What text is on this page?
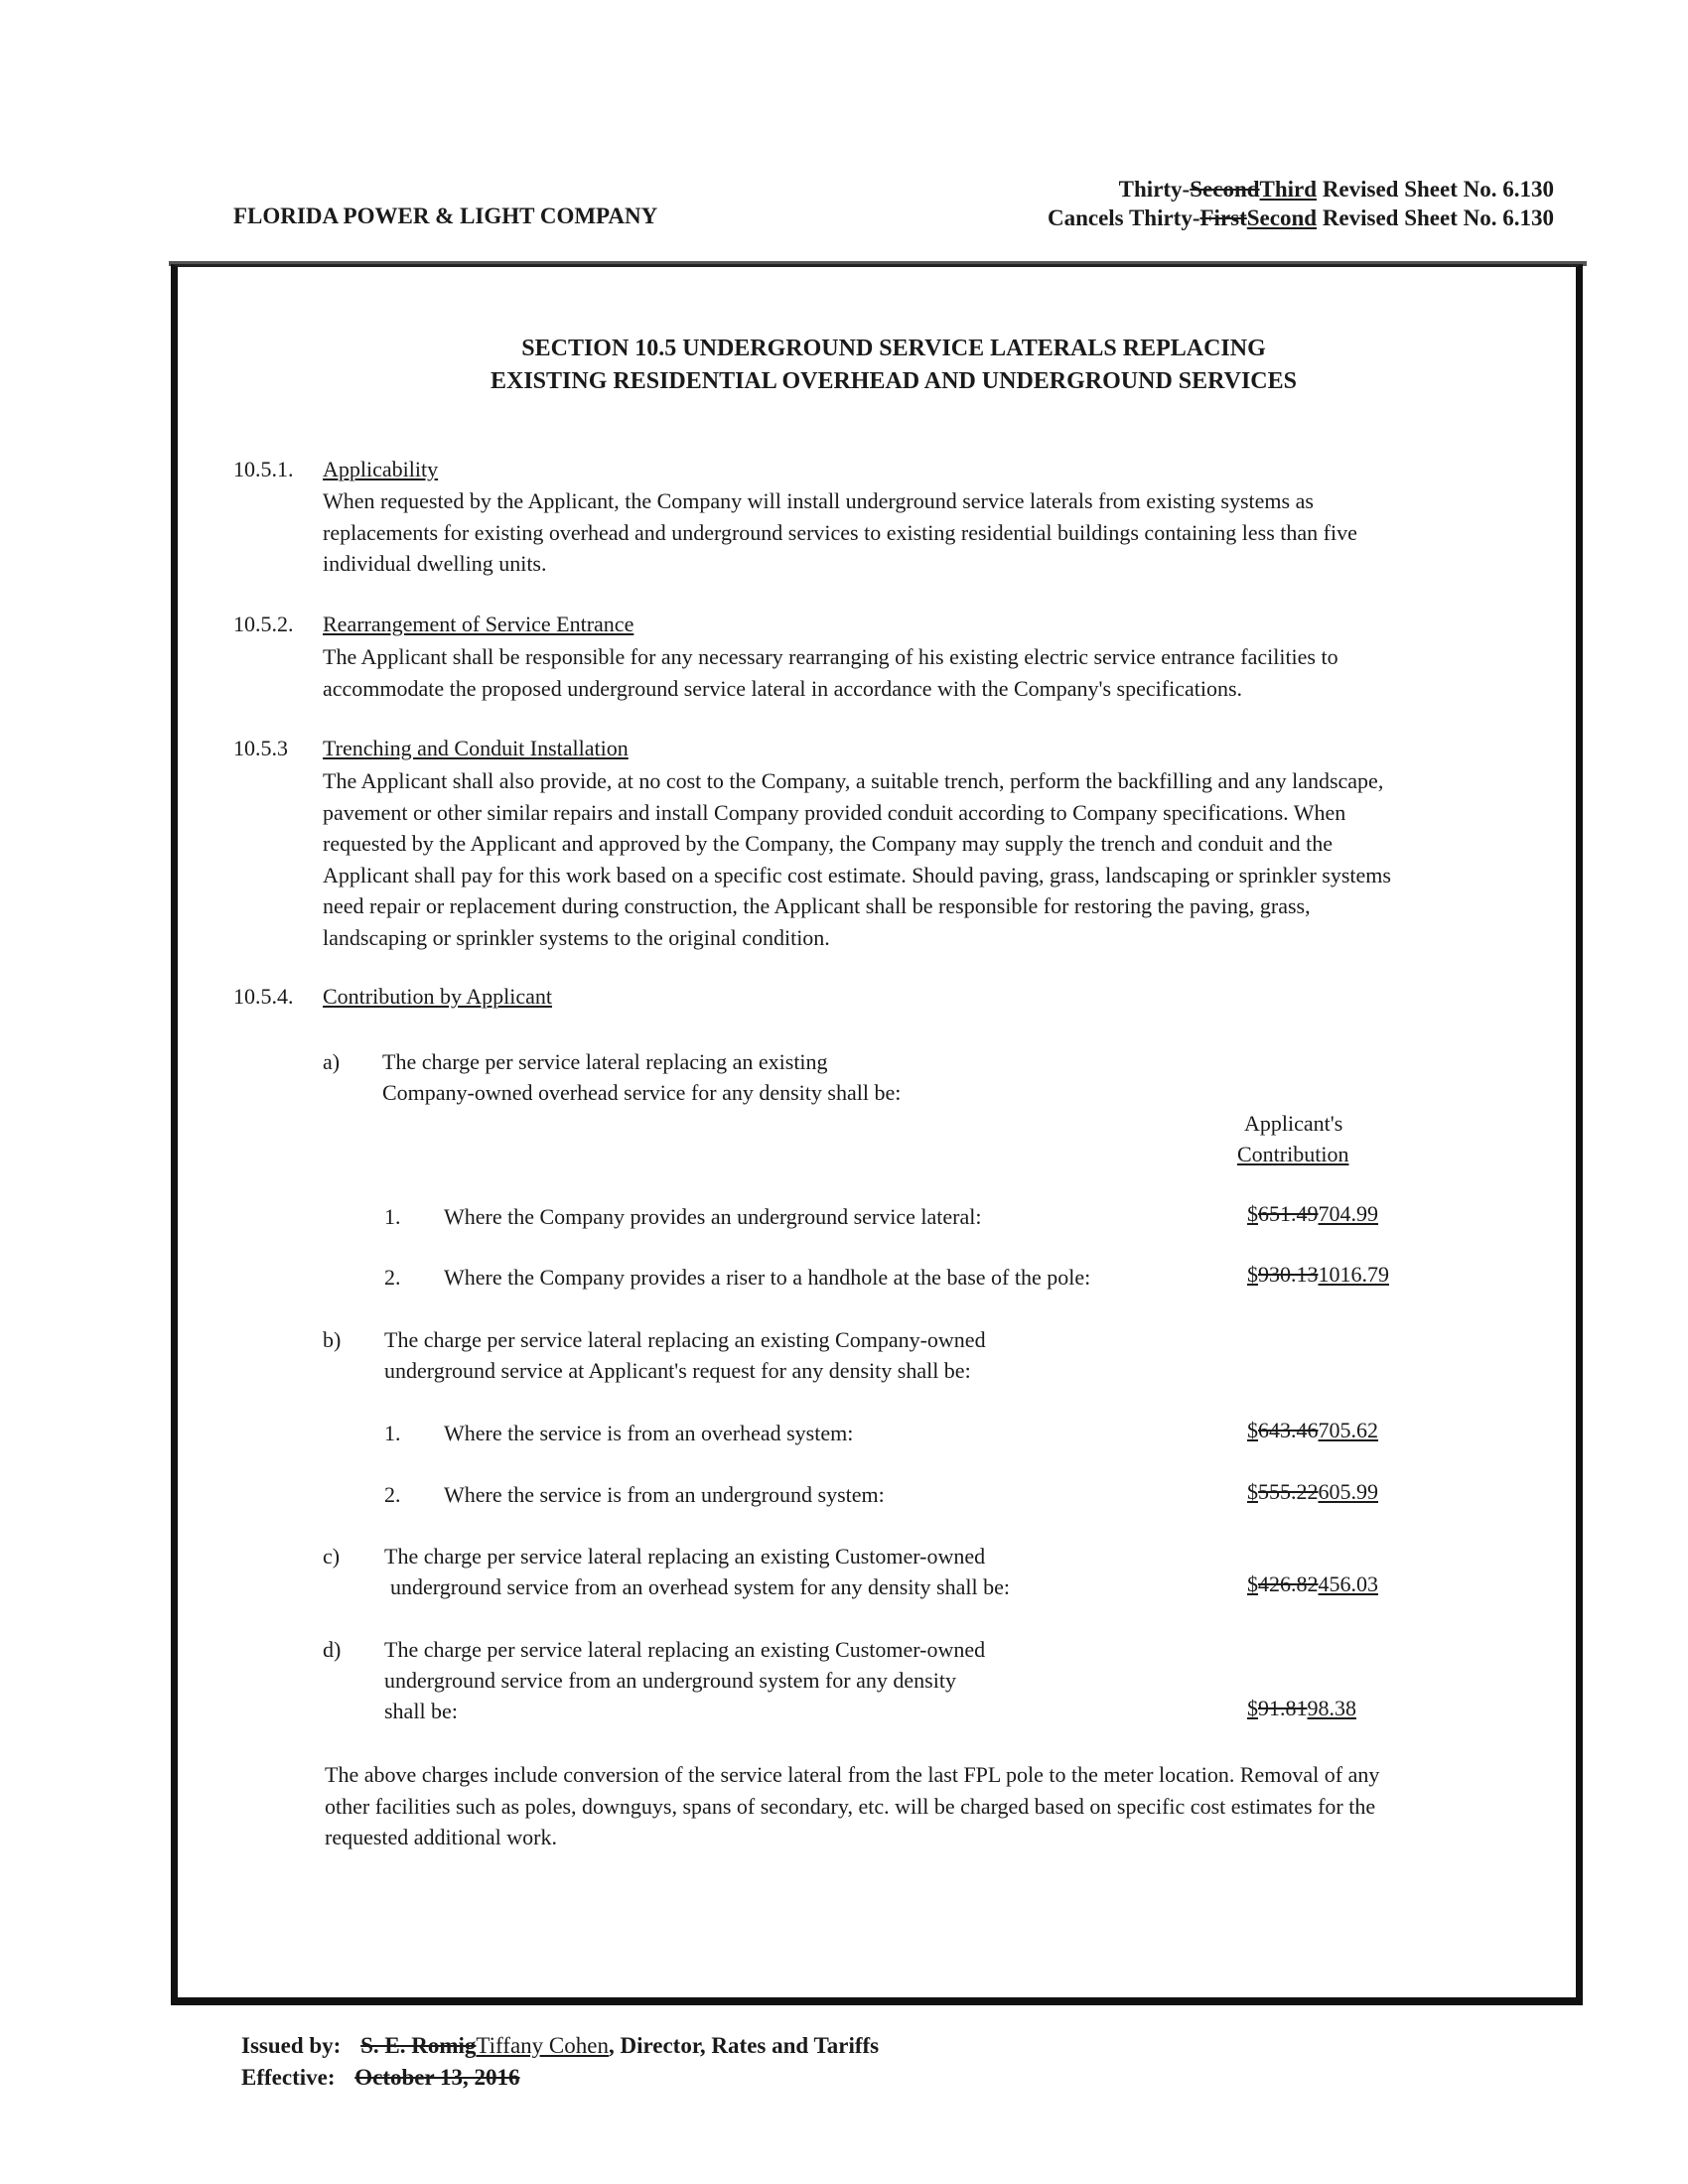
Thirty-SecondThird Revised Sheet No. 6.130
Cancels Thirty-FirstSecond Revised Sheet No. 6.130
FLORIDA POWER & LIGHT COMPANY
SECTION 10.5 UNDERGROUND SERVICE LATERALS REPLACING
EXISTING RESIDENTIAL OVERHEAD AND UNDERGROUND SERVICES
10.5.1. Applicability
When requested by the Applicant, the Company will install underground service laterals from existing systems as
replacements for existing overhead and underground services to existing residential buildings containing less than five
individual dwelling units.
10.5.2. Rearrangement of Service Entrance
The Applicant shall be responsible for any necessary rearranging of his existing electric service entrance facilities to
accommodate the proposed underground service lateral in accordance with the Company's specifications.
10.5.3 Trenching and Conduit Installation
The Applicant shall also provide, at no cost to the Company, a suitable trench, perform the backfilling and any landscape,
pavement or other similar repairs and install Company provided conduit according to Company specifications. When
requested by the Applicant and approved by the Company, the Company may supply the trench and conduit and the
Applicant shall pay for this work based on a specific cost estimate. Should paving, grass, landscaping or sprinkler systems
need repair or replacement during construction, the Applicant shall be responsible for restoring the paving, grass,
landscaping or sprinkler systems to the original condition.
10.5.4. Contribution by Applicant
a) The charge per service lateral replacing an existing
Company-owned overhead service for any density shall be:
Applicant's
Contribution
1. Where the Company provides an underground service lateral:	$651.49704.99
2. Where the Company provides a riser to a handhole at the base of the pole:	$930.131016.79
b) The charge per service lateral replacing an existing Company-owned
underground service at Applicant's request for any density shall be:
1. Where the service is from an overhead system:	$643.46705.62
2. Where the service is from an underground system:	$555.22605.99
c) The charge per service lateral replacing an existing Customer-owned
underground service from an overhead system for any density shall be:	$426.82456.03
d) The charge per service lateral replacing an existing Customer-owned
underground service from an underground system for any density
shall be:	$91.8198.38
The above charges include conversion of the service lateral from the last FPL pole to the meter location. Removal of any
other facilities such as poles, downguys, spans of secondary, etc. will be charged based on specific cost estimates for the
requested additional work.
Issued by: S. E. RomigTiffany Cohen, Director, Rates and Tariffs
Effective: October 13, 2016
